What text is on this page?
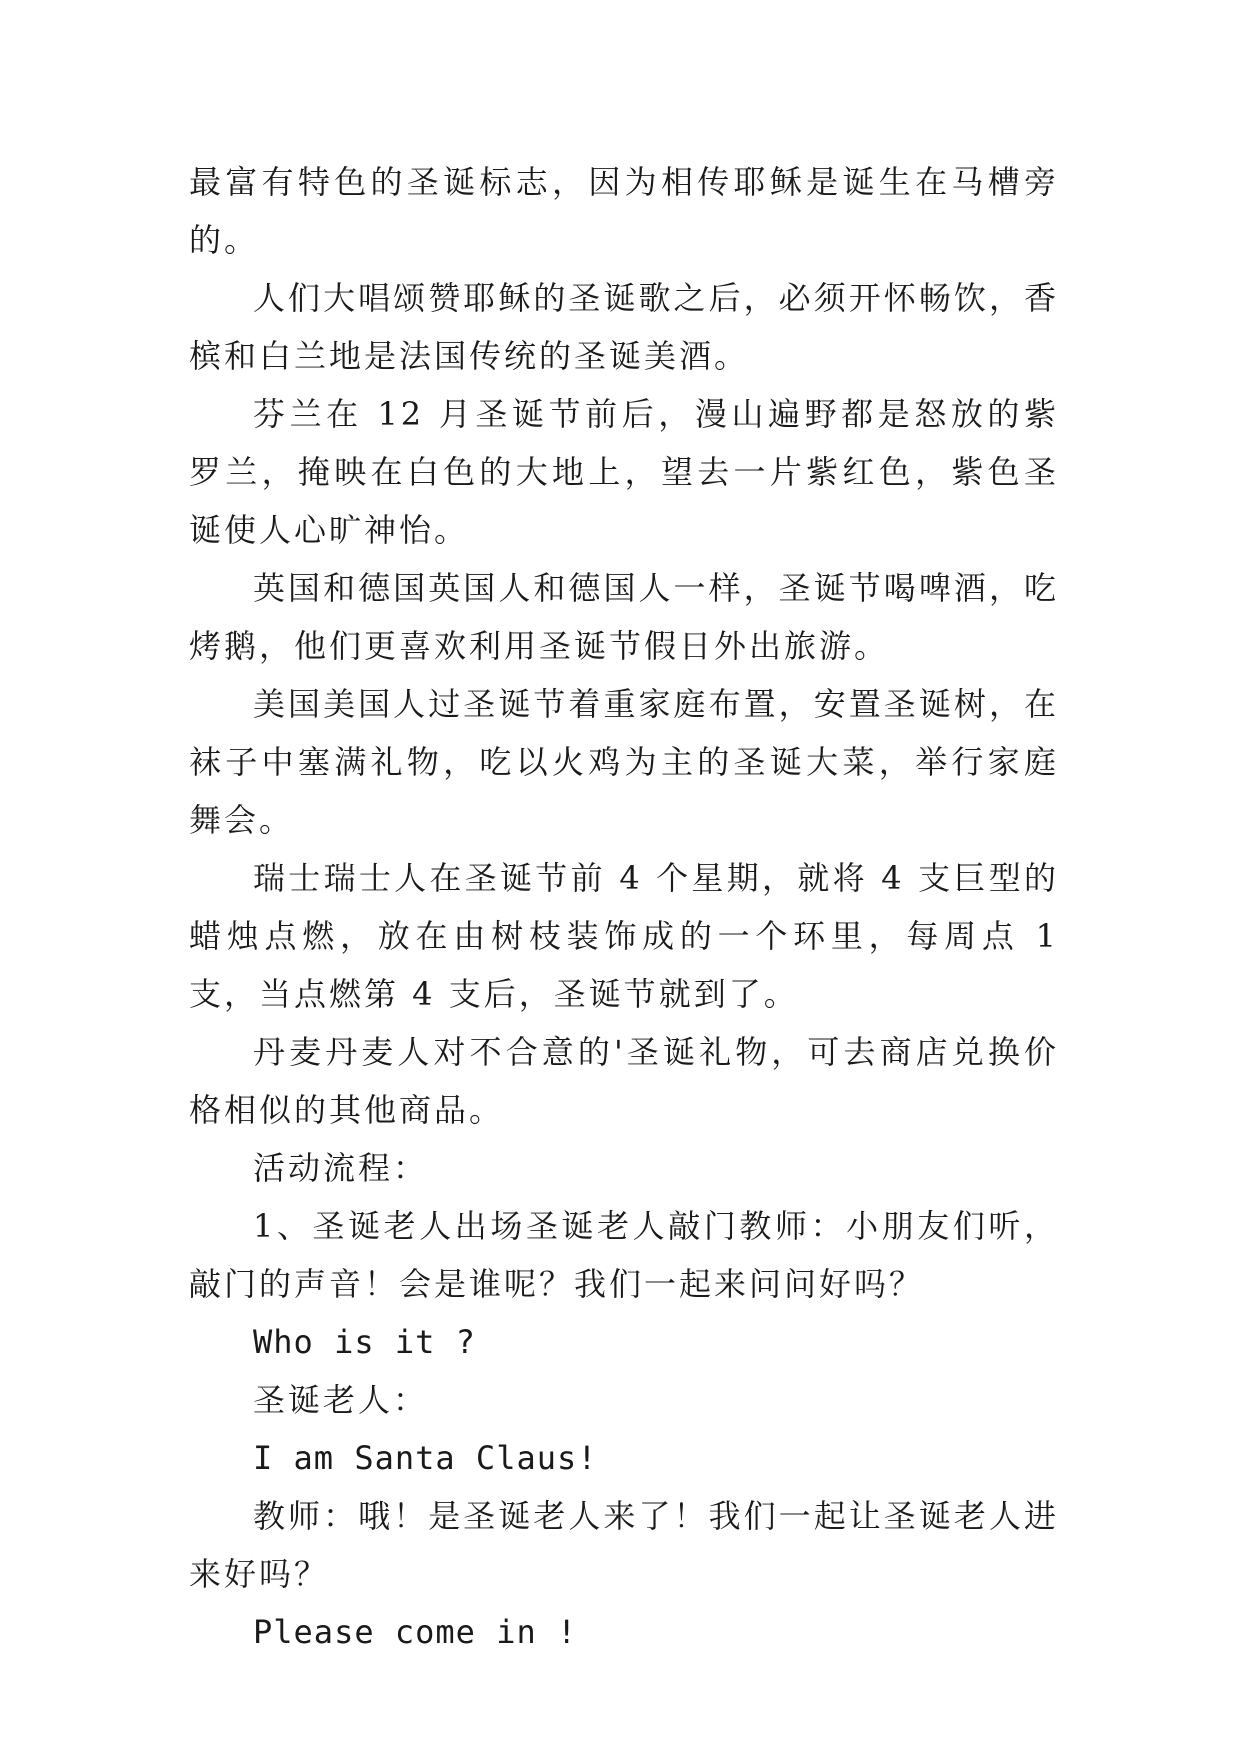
最富有特色的圣诞标志，因为相传耶稣是诞生在马槽旁的。

人们大唱颂赞耶稣的圣诞歌之后，必须开怀畅饮，香槟和白兰地是法国传统的圣诞美酒。

芬兰在 12 月圣诞节前后，漫山遍野都是怒放的紫罗兰，掩映在白色的大地上，望去一片紫红色，紫色圣诞使人心旷神怡。

英国和德国英国人和德国人一样，圣诞节喝啤酒，吃烤鹅，他们更喜欢利用圣诞节假日外出旅游。

美国美国人过圣诞节着重家庭布置，安置圣诞树，在袜子中塞满礼物，吃以火鸡为主的圣诞大菜，举行家庭舞会。

瑞士瑞士人在圣诞节前 4 个星期，就将 4 支巨型的蜡烛点燃，放在由树枝装饰成的一个环里，每周点 1 支，当点燃第 4 支后，圣诞节就到了。

丹麦丹麦人对不合意的'圣诞礼物，可去商店兑换价格相似的其他商品。

活动流程：

1、圣诞老人出场圣诞老人敲门教师：小朋友们听，敲门的声音！会是谁呢？我们一起来问问好吗？

Who is it ?

圣诞老人：

I am Santa Claus!

教师：哦！是圣诞老人来了！我们一起让圣诞老人进来好吗？

Please come in !
